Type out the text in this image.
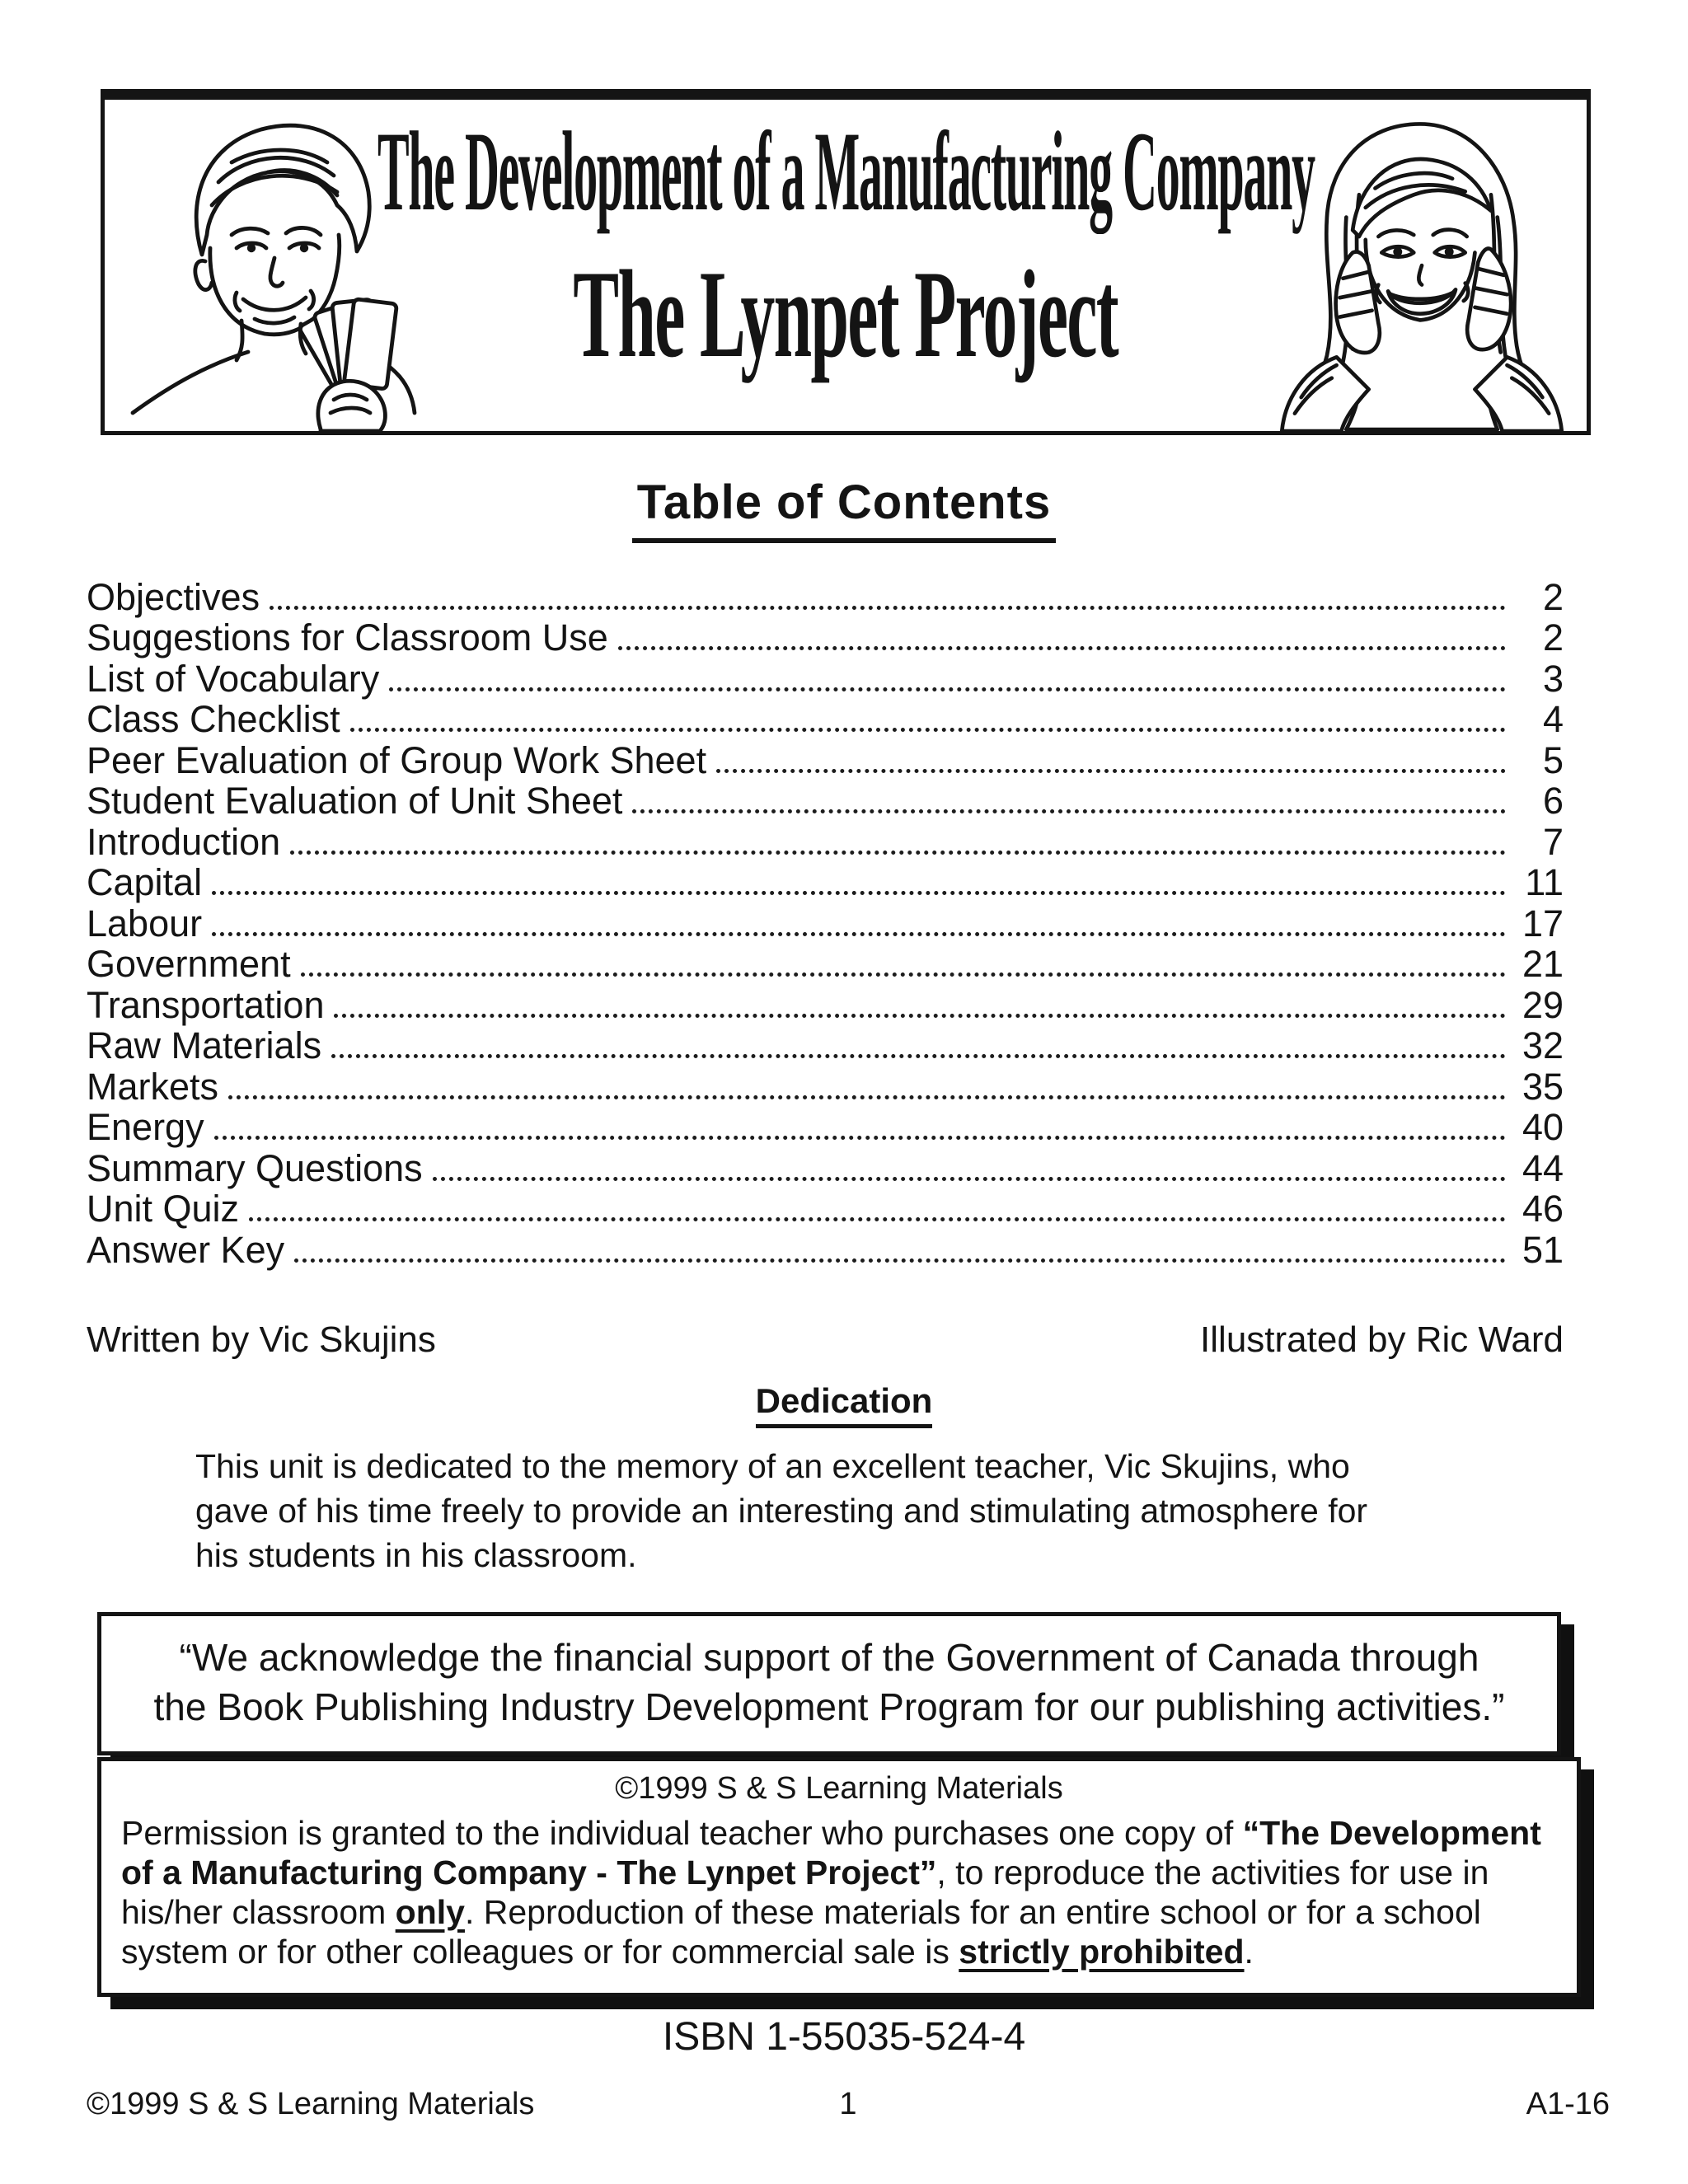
The Development of a Manufacturing Company
The Lynpet Project
Table of Contents
Objectives	2
Suggestions for Classroom Use	2
List of Vocabulary	3
Class Checklist	4
Peer Evaluation of Group Work Sheet	5
Student Evaluation of Unit Sheet	6
Introduction	7
Capital	11
Labour	17
Government	21
Transportation	29
Raw Materials	32
Markets	35
Energy	40
Summary Questions	44
Unit Quiz	46
Answer Key	51
Written by Vic Skujins	Illustrated by Ric Ward
Dedication
This unit is dedicated to the memory of an excellent teacher, Vic Skujins, who
gave of his time freely to provide an interesting and stimulating atmosphere for
his students in his classroom.
“We acknowledge the financial support of the Government of Canada through
the Book Publishing Industry Development Program for our publishing activities.”
©1999 S & S Learning Materials
Permission is granted to the individual teacher who purchases one copy of “The Development of a Manufacturing Company - The Lynpet Project”, to reproduce the activities for use in his/her classroom only. Reproduction of these materials for an entire school or for a school system or for other colleagues or for commercial sale is strictly prohibited.
ISBN 1-55035-524-4
©1999 S & S Learning Materials	1	A1-16
